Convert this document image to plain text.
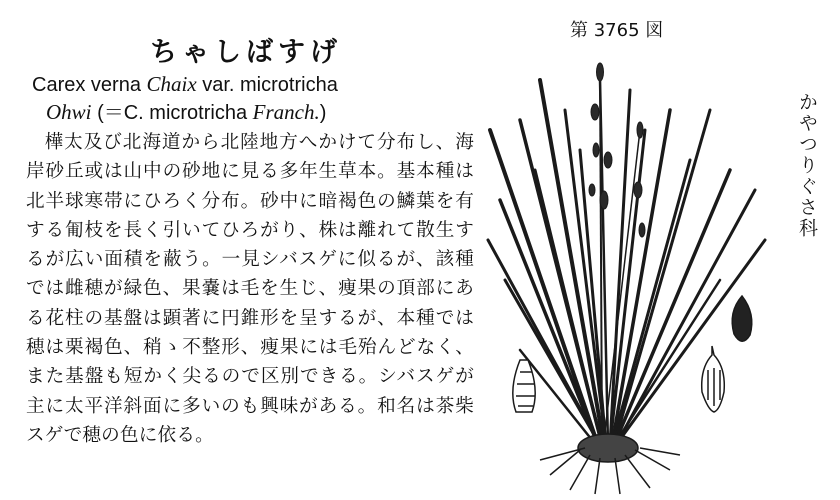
ちゃしばすげ
Carex verna Chaix var. microtricha
Ohwi (＝C. microtricha Franch.)
樺太及び北海道から北陸地方へかけて分布し、海岸砂丘或は山中の砂地に見る多年生草本。基本種は北半球寒帯にひろく分布。砂中に暗褐色の鱗葉を有する匍枝を長く引いてひろがり、株は離れて散生するが広い面積を蔽う。一見シバスゲに似るが、該種では雌穂が緑色、果嚢は毛を生じ、痩果の頂部にある花柱の基盤は顕著に円錐形を呈するが、本種では穂は栗褐色、稍ゝ不整形、痩果には毛殆んどなく、また基盤も短かく尖るので区別できる。シバスゲが主に太平洋斜面に多いのも興味がある。和名は茶柴スゲで穂の色に依る。
第 3765 図
かやつりぐさ科
